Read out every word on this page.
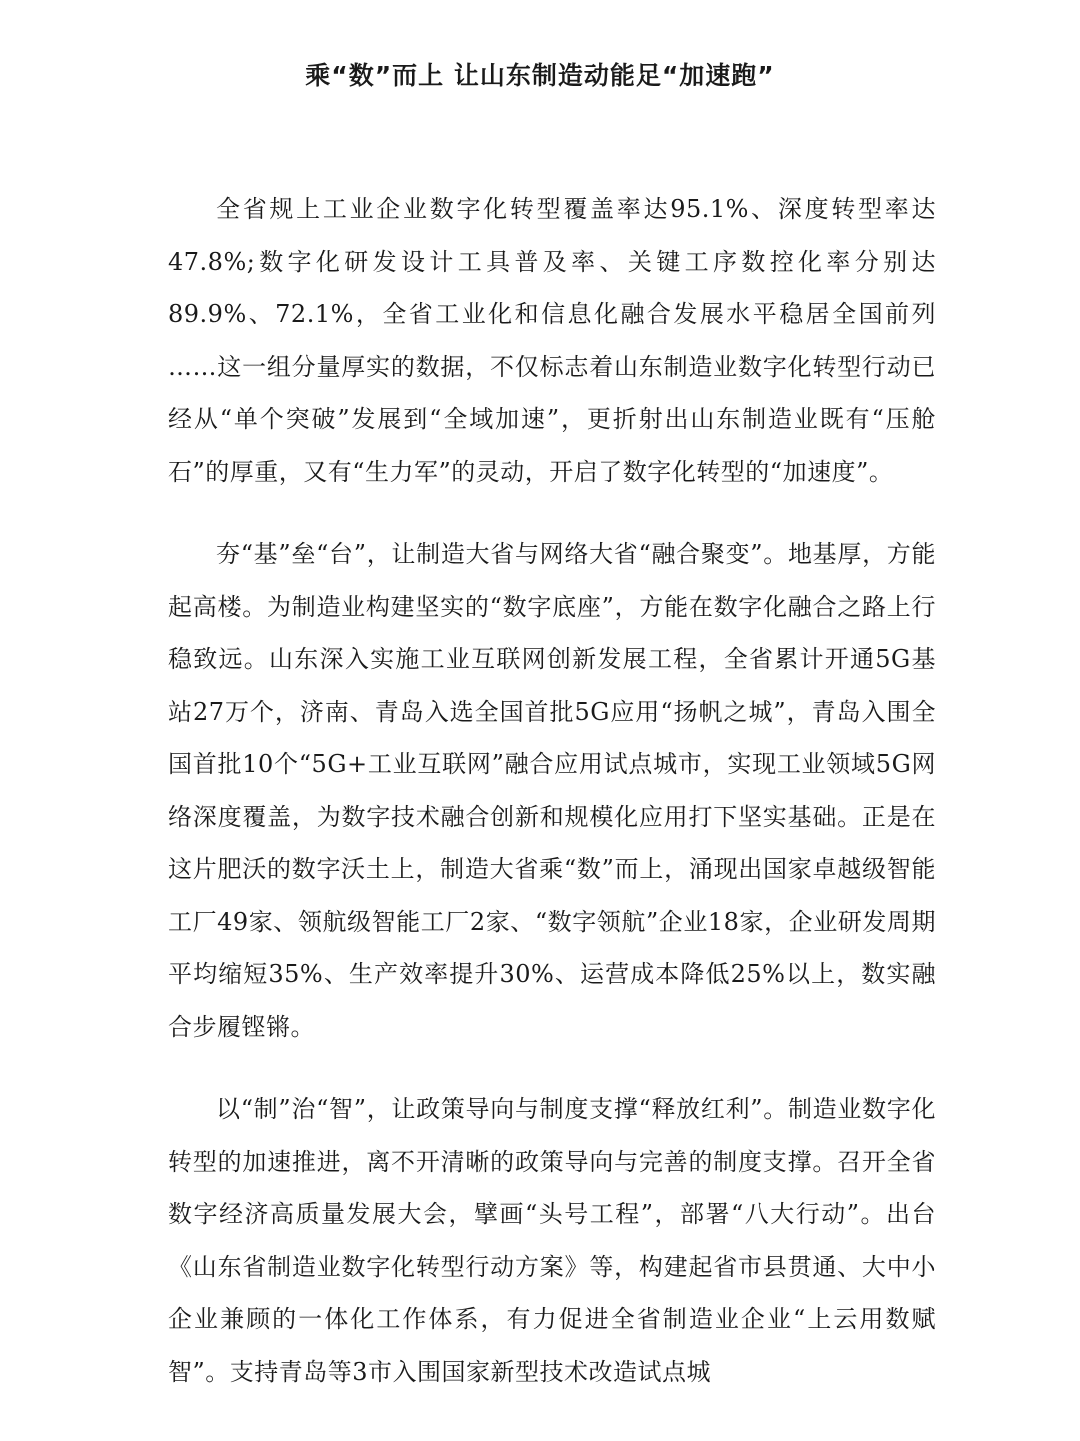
乘“数”而上 让山东制造动能足“加速跑”

全省规上工业企业数字化转型覆盖率达95.1%、深度转型率达47.8%;数字化研发设计工具普及率、关键工序数控化率分别达89.9%、72.1%，全省工业化和信息化融合发展水平稳居全国前列 ……这一组分量厚实的数据，不仅标志着山东制造业数字化转型行动已经从“单个突破”发展到“全域加速”，更折射出山东制造业既有“压舱石”的厚重，又有“生力军”的灵动，开启了数字化转型的“加速度”。

夯“基”垒“台”，让制造大省与网络大省“融合聚变”。地基厚，方能起高楼。为制造业构建坚实的“数字底座”，方能在数字化融合之路上行稳致远。山东深入实施工业互联网创新发展工程，全省累计开通5G基站27万个，济南、青岛入选全国首批5G应用“扬帆之城”，青岛入围全国首批10个“5G+工业互联网”融合应用试点城市，实现工业领域5G网络深度覆盖，为数字技术融合创新和规模化应用打下坚实基础。正是在这片肥沃的数字沃土上，制造大省乘“数”而上，涌现出国家卓越级智能工厂49家、领航级智能工厂2家、“数字领航”企业18家，企业研发周期平均缩短35%、生产效率提升30%、运营成本降低25%以上，数实融合步履铿锵。

以“制”治“智”，让政策导向与制度支撑“释放红利”。制造业数字化转型的加速推进，离不开清晰的政策导向与完善的制度支撑。召开全省数字经济高质量发展大会，擘画“头号工程”，部署“八大行动”。出台《山东省制造业数字化转型行动方案》等，构建起省市县贯通、大中小企业兼顾的一体化工作体系，有力促进全省制造业企业“上云用数赋智”。支持青岛等3市入围国家新型技术改造试点城
